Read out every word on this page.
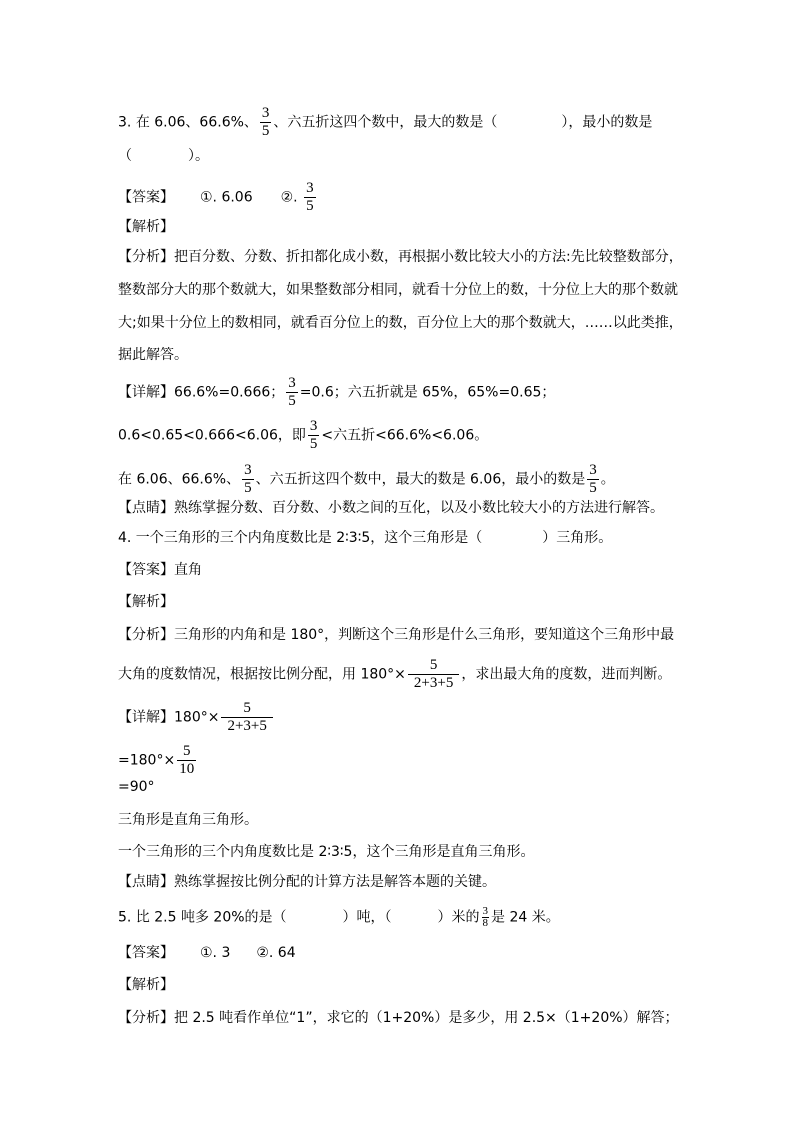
3. 在 6.06、66.6%、 $\frac{3}{5}$ 、六五折这四个数中，最大的数是（	），最小的数是
（	）。
【答案】 ①. 6.06 ②. $\frac{3}{5}$
【解析】
【分析】把百分数、分数、折扣都化成小数，再根据小数比较大小的方法:先比较整数部分，
整数部分大的那个数就大，如果整数部分相同，就看十分位上的数，十分位上大的那个数就
大;如果十分位上的数相同，就看百分位上的数，百分位上大的那个数就大，……以此类推，
据此解答。
【详解】66.6%=0.666； $\frac{3}{5} =0.6$；六五折就是 65%，65%=0.65；
0.6<0.65<0.666<6.06，即 $\frac{3}{5}$ <六五折<66.6%<6.06。
在 6.06、66.6%、 $\frac{3}{5}$ 、六五折这四个数中，最大的数是 6.06，最小的数是 $\frac{3}{5}$ 。
【点睛】熟练掌握分数、百分数、小数之间的互化，以及小数比较大小的方法进行解答。
4. 一个三角形的三个内角度数比是 2∶3∶5，这个三角形是（	）三角形。
【答案】直角
【解析】
【分析】三角形的内角和是 180°，判断这个三角形是什么三角形，要知道这个三角形中最
大角的度数情况，根据按比例分配，用 $180^\circ\times \frac{5}{2+3+5}$ ，求出最大角的度数，进而判断。
【详解】$180^\circ\times \frac{5}{2+3+5}$
$=180^\circ\times \frac{5}{10}$
=90°
三角形是直角三角形。
一个三角形的三个内角度数比是 2∶3∶5，这个三角形是直角三角形。
【点睛】熟练掌握按比例分配的计算方法是解答本题的关键。
5. 比 2.5 吨多 20%的是（	）吨，（	）米的 $\frac{3}{8}$ 是 24 米。
【答案】 ①. 3 ②. 64
【解析】
【分析】把 2.5 吨看作单位“1”，求它的（1+20%）是多少，用 2.5×（1+20%）解答；
